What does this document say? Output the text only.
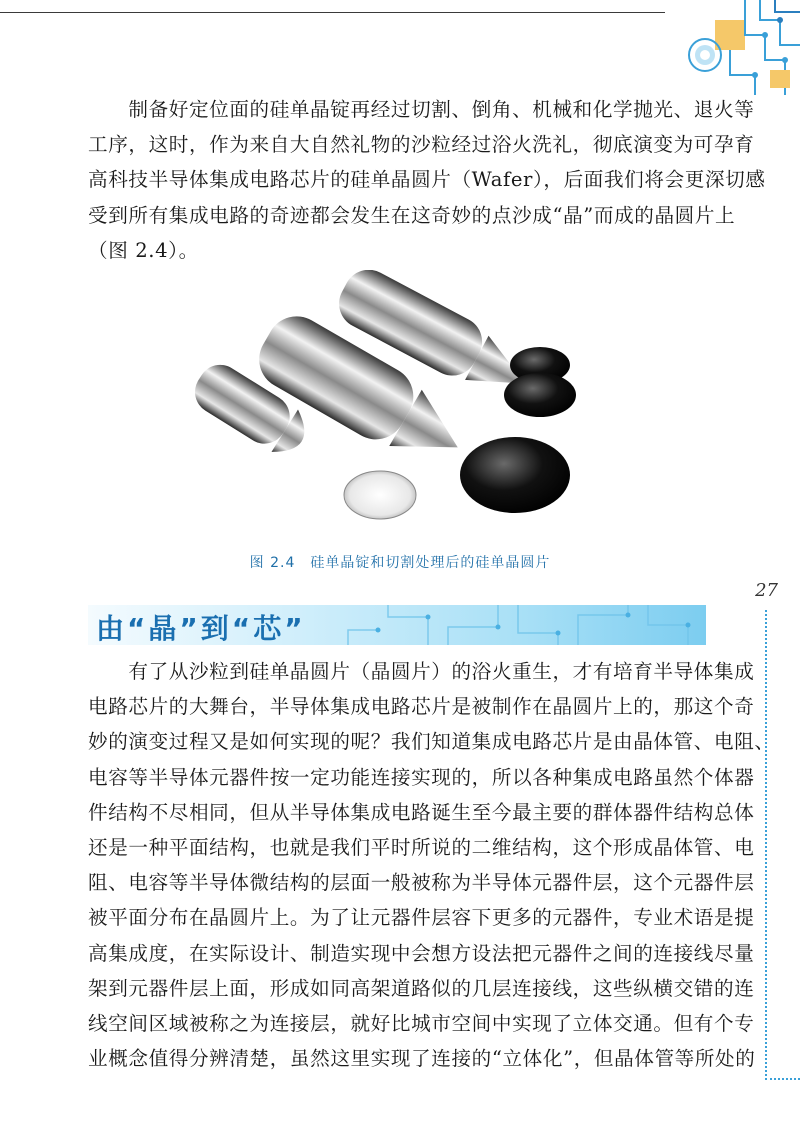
　　制备好定位面的硅单晶锭再经过切割、倒角、机械和化学抛光、退火等
工序，这时，作为来自大自然礼物的沙粒经过浴火洗礼，彻底演变为可孕育
高科技半导体集成电路芯片的硅单晶圆片（Wafer），后面我们将会更深切感
受到所有集成电路的奇迹都会发生在这奇妙的点沙成“晶”而成的晶圆片上
（图 2.4）。
图 2.4　硅单晶锭和切割处理后的硅单晶圆片
27
由“晶”到“芯”
　　有了从沙粒到硅单晶圆片（晶圆片）的浴火重生，才有培育半导体集成
电路芯片的大舞台，半导体集成电路芯片是被制作在晶圆片上的，那这个奇
妙的演变过程又是如何实现的呢？我们知道集成电路芯片是由晶体管、电阻、
电容等半导体元器件按一定功能连接实现的，所以各种集成电路虽然个体器
件结构不尽相同，但从半导体集成电路诞生至今最主要的群体器件结构总体
还是一种平面结构，也就是我们平时所说的二维结构，这个形成晶体管、电
阻、电容等半导体微结构的层面一般被称为半导体元器件层，这个元器件层
被平面分布在晶圆片上。为了让元器件层容下更多的元器件，专业术语是提
高集成度，在实际设计、制造实现中会想方设法把元器件之间的连接线尽量
架到元器件层上面，形成如同高架道路似的几层连接线，这些纵横交错的连
线空间区域被称之为连接层，就好比城市空间中实现了立体交通。但有个专
业概念值得分辨清楚，虽然这里实现了连接的“立体化”，但晶体管等所处的
